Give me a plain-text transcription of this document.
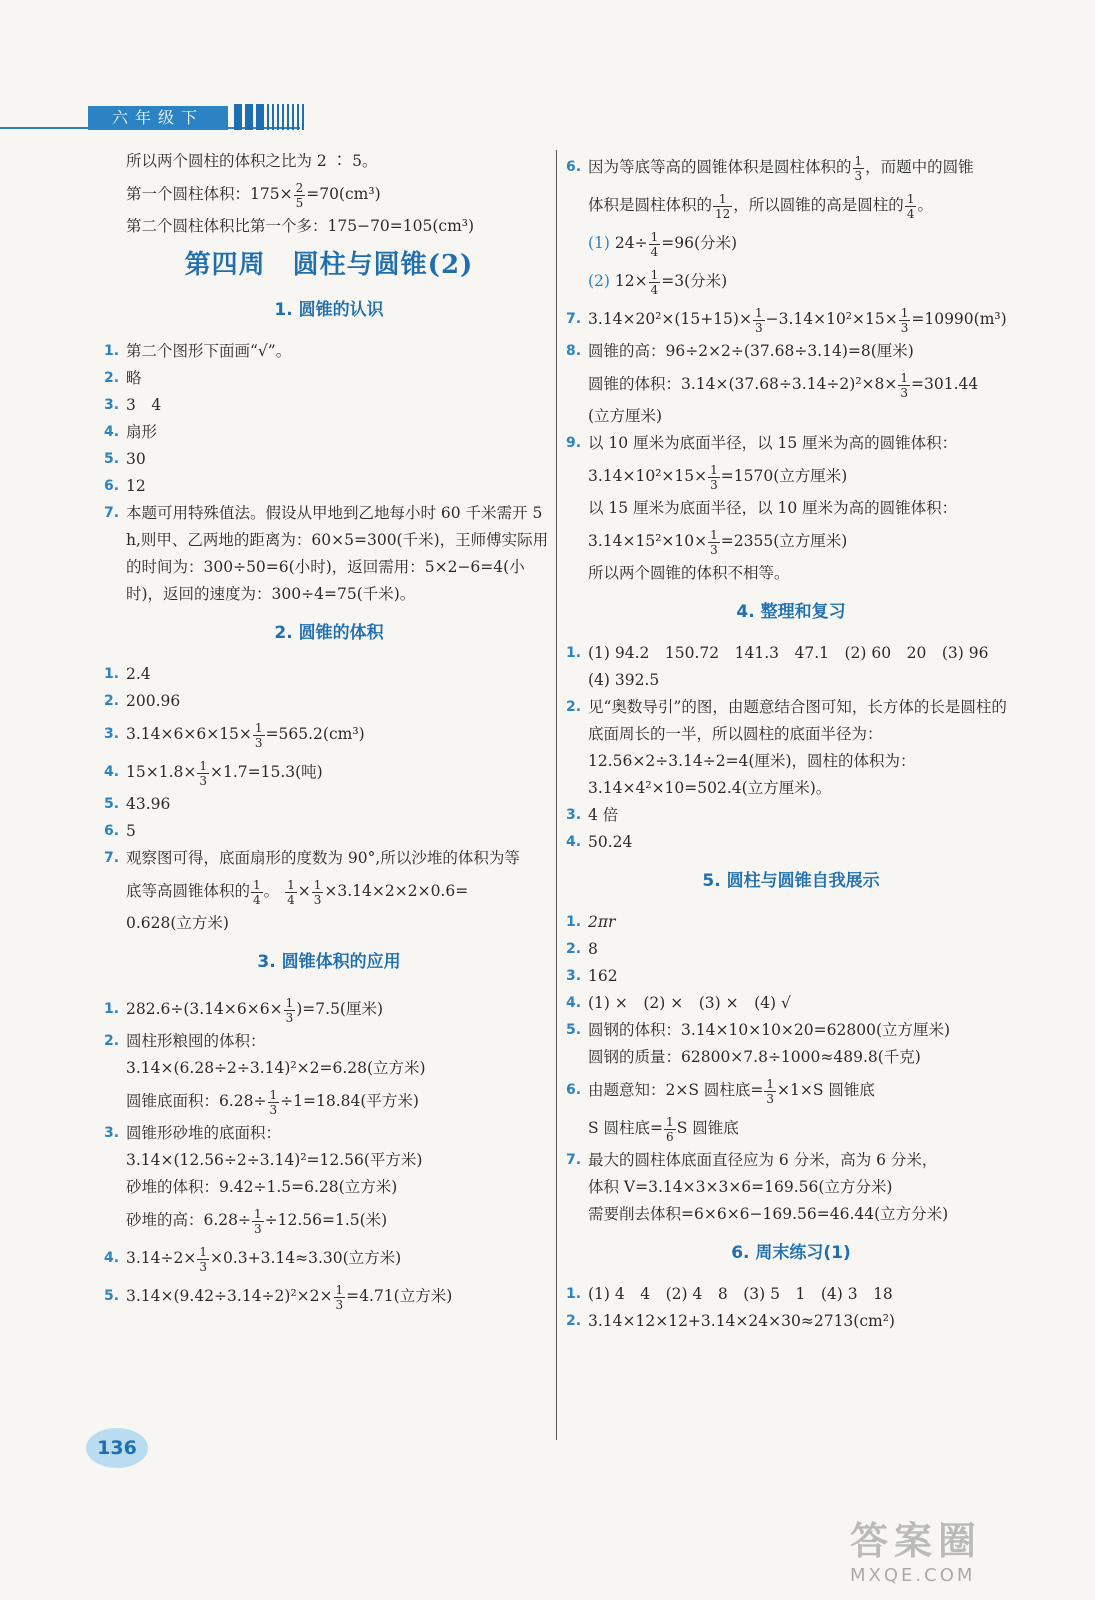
六年级下
所以两个圆柱的体积之比为 2 ∶ 5。
第一个圆柱体积：$175\times \frac{2}{5} =70(cm^3)$
第二个圆柱体积比第一个多：175−70=105(cm³)
第四周　圆柱与圆锥(2)
1. 圆锥的认识
1. 第二个图形下面画“√”。
2. 略
3. 3　4
4. 扇形
5. 30
6. 12
7. 本题可用特殊值法。假设从甲地到乙地每小时 60 千米需开 5 h,则甲、乙两地的距离为：60×5=300(千米)，王师傅实际用的时间为：300÷50=6(小时)，返回需用：5×2−6=4(小时)，返回的速度为：300÷4=75(千米)。
2. 圆锥的体积
1. 2.4
2. 200.96
3. $3.14\times 6\times 6\times 15\times \frac{1}{3} =565.2(cm^3)$
4. $15\times 1.8\times \frac{1}{3} \times 1.7=15.3$(吨)
5. 43.96
6. 5
7. 观察图可得，底面扇形的度数为 90°,所以沙堆的体积为等
底等高圆锥体积的 $\frac{1}{4}$ 。 $\frac{1}{4} \times \frac{1}{3} \times 3.14\times 2\times 2\times 0.6=$
0.628(立方米)
3. 圆锥体积的应用
1. $282.6\div(3.14\times 6\times 6\times \frac{1}{3} )=7.5$(厘米)
2. 圆柱形粮囤的体积：
3.14×(6.28÷2÷3.14)²×2=6.28(立方米)
圆锥底面积：$6.28\div \frac{1}{3} \div 1=18.84$(平方米)
3. 圆锥形砂堆的底面积：
3.14×(12.56÷2÷3.14)²=12.56(平方米)
砂堆的体积：9.42÷1.5=6.28(立方米)
砂堆的高：$6.28\div \frac{1}{3} \div 12.56=1.5$(米)
4. $3.14\div 2\times \frac{1}{3} \times 0.3+3.14\approx 3.30$(立方米)
5. $3.14\times(9.42\div 3.14\div 2)^2\times 2\times \frac{1}{3} =4.71$(立方米)
6. 因为等底等高的圆锥体积是圆柱体积的 $\frac{1}{3}$ ，而题中的圆锥
体积是圆柱体积的 $\frac{1}{12}$ ，所以圆锥的高是圆柱的 $\frac{1}{4}$ 。
(1) $24\div \frac{1}{4} =96$(分米)
(2) $12\times \frac{1}{4} =3$(分米)
7. $3.14\times 20^2\times(15+15)\times \frac{1}{3} -3.14\times 10^2\times 15\times \frac{1}{3} =10990(m^3)$
8. 圆锥的高：96÷2×2÷(37.68÷3.14)=8(厘米)
圆锥的体积：$3.14\times(37.68\div 3.14\div 2)^2\times 8\times \frac{1}{3} =301.44$
(立方厘米)
9. 以 10 厘米为底面半径，以 15 厘米为高的圆锥体积：
$3.14\times 10^2\times 15\times \frac{1}{3} =1570$(立方厘米)
以 15 厘米为底面半径，以 10 厘米为高的圆锥体积：
$3.14\times 15^2\times 10\times \frac{1}{3} =2355$(立方厘米)
所以两个圆锥的体积不相等。
4. 整理和复习
1. (1) 94.2　150.72　141.3　47.1　(2) 60　20　(3) 96
(4) 392.5
2. 见“奥数导引”的图，由题意结合图可知，长方体的长是圆柱的底面周长的一半，所以圆柱的底面半径为：12.56×2÷3.14÷2=4(厘米)，圆柱的体积为：3.14×4²×10=502.4(立方厘米)。
3. 4 倍
4. 50.24
5. 圆柱与圆锥自我展示
1. 2πr
2. 8
3. 162
4. (1) ×　(2) ×　(3) ×　(4) √
5. 圆钢的体积：3.14×10×10×20=62800(立方厘米)
圆钢的质量：62800×7.8÷1000≈489.8(千克)
6. 由题意知：2×S 圆柱底= $\frac{1}{3} \times 1\times S$ 圆锥底
S 圆柱底= $\frac{1}{6}$ S 圆锥底
7. 最大的圆柱体底面直径应为 6 分米，高为 6 分米，
体积 V=3.14×3×3×6=169.56(立方分米)
需要削去体积=6×6×6−169.56=46.44(立方分米)
6. 周末练习(1)
1. (1) 4　4　(2) 4　8　(3) 5　1　(4) 3　18
2. 3.14×12×12+3.14×24×30≈2713(cm²)
136
答案圈
MXQE.COM
